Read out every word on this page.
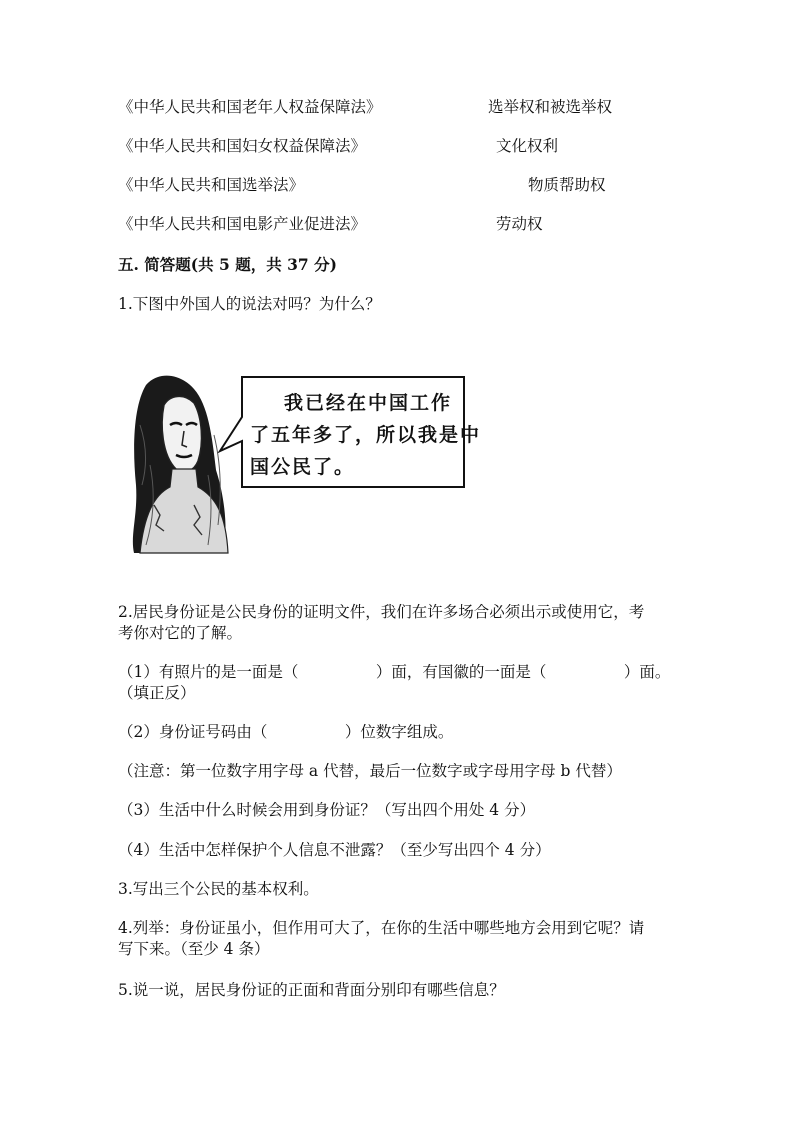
《中华人民共和国老年人权益保障法》	选举权和被选举权
《中华人民共和国妇女权益保障法》	文化权利
《中华人民共和国选举法》	物质帮助权
《中华人民共和国电影产业促进法》	劳动权
五. 简答题(共 5 题，共 37 分)
1.下图中外国人的说法对吗？为什么？
我已经在中国工作
了五年多了，所以我是中
国公民了。
2.居民身份证是公民身份的证明文件，我们在许多场合必须出示或使用它，考
考你对它的了解。
（1）有照片的是一面是（　　　　　）面，有国徽的一面是（　　　　　）面。
（填正反）
（2）身份证号码由（　　　　　）位数字组成。
（注意：第一位数字用字母 a 代替，最后一位数字或字母用字母 b 代替）
（3）生活中什么时候会用到身份证？（写出四个用处 4 分）
（4）生活中怎样保护个人信息不泄露？（至少写出四个 4 分）
3.写出三个公民的基本权利。
4.列举：身份证虽小，但作用可大了，在你的生活中哪些地方会用到它呢？请
写下来。（至少 4 条）
5.说一说，居民身份证的正面和背面分别印有哪些信息？
